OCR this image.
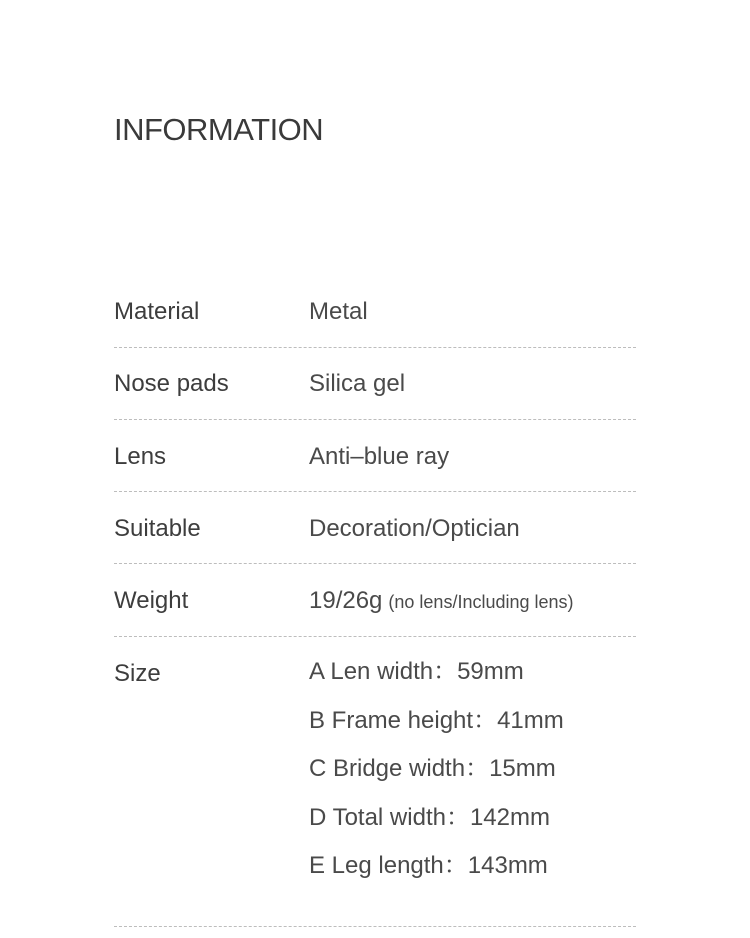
INFORMATION
Material	Metal
Nose pads	Silica gel
Lens	Anti–blue ray
Suitable	Decoration/Optician
Weight	19/26g (no lens/Including lens)
Size	A Len width：59mm
B Frame height：41mm
C Bridge width：15mm
D Total width：142mm
E Leg length：143mm
